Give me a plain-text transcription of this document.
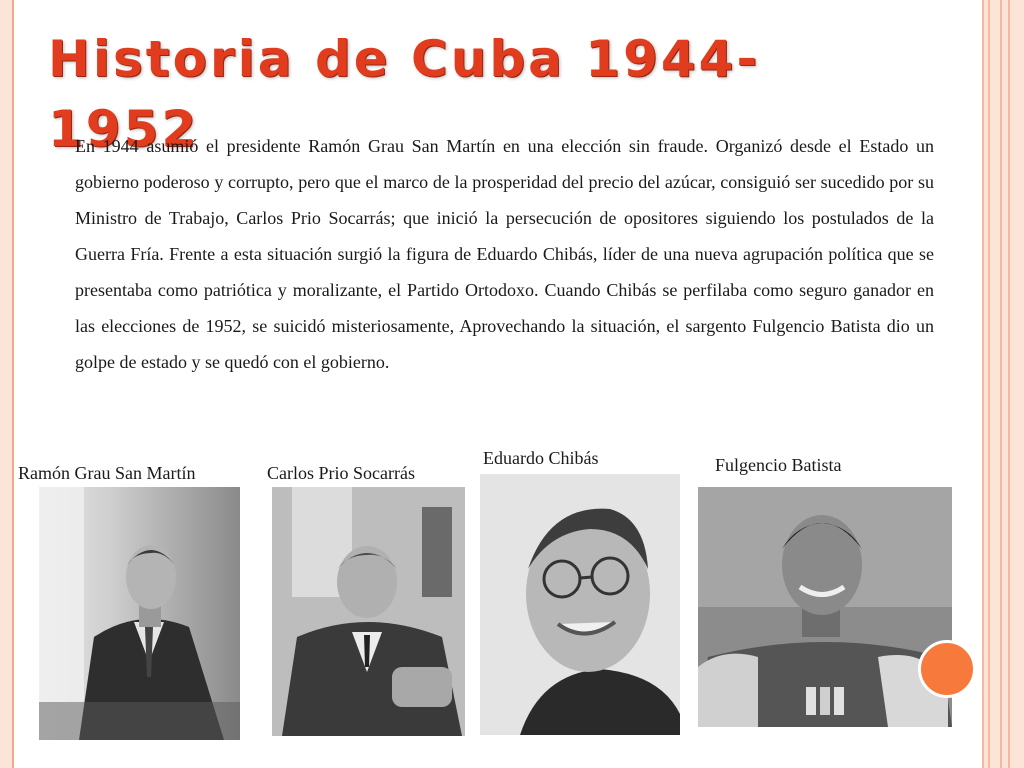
Historia de Cuba 1944-1952

En 1944 asumió el presidente Ramón Grau San Martín en una elección sin fraude. Organizó desde el Estado un gobierno poderoso y corrupto, pero que el marco de la prosperidad del precio del azúcar, consiguió ser sucedido por su Ministro de Trabajo, Carlos Prio Socarrás; que inició la persecución de opositores siguiendo los postulados de la Guerra Fría. Frente a esta situación surgió la figura de Eduardo Chibás, líder de una nueva agrupación política que se presentaba como patriótica y moralizante, el Partido Ortodoxo. Cuando Chibás se perfilaba como seguro ganador en las elecciones de 1952, se suicidó misteriosamente, Aprovechando la situación, el sargento Fulgencio Batista dio un golpe de estado y se quedó con el gobierno.

Ramón Grau San Martín	Carlos Prio Socarrás
Eduardo Chibás	Fulgencio Batista
